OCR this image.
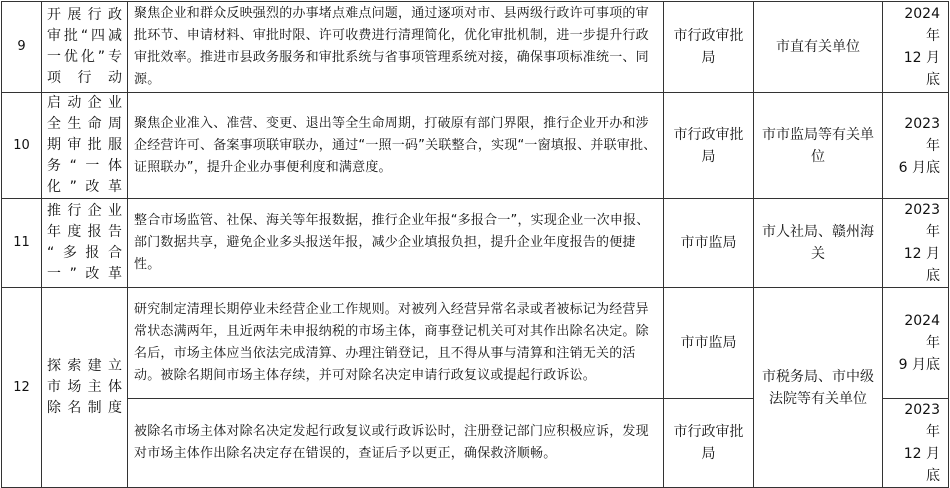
9	开展行政
审批“四减
一优化”专
项行动	聚焦企业和群众反映强烈的办事堵点难点问题，通过逐项对市、县两级行政许可事项的审批环节、申请材料、审批时限、许可收费进行清理简化，优化审批机制，进一步提升行政审批效率。推进市县政务服务和审批系统与省事项管理系统对接，确保事项标准统一、同源。	市行政审批
局	市直有关单位	2024 年
12 月底

10	启动企业
全生命周
期审批服
务“一体
化”改革	聚焦企业准入、准营、变更、退出等全生命周期，打破原有部门界限，推行企业开办和涉企经营许可、备案事项联审联办，通过“一照一码”关联整合，实现“一窗填报、并联审批、证照联办”，提升企业办事便利度和满意度。	市行政审批
局	市市监局等有关单
位	2023 年
6 月底

11	推行企业
年度报告
“多报合
一”改革	整合市场监管、社保、海关等年报数据，推行企业年报“多报合一”，实现企业一次申报、部门数据共享，避免企业多头报送年报，减少企业填报负担，提升企业年度报告的便捷性。	市市监局	市人社局、赣州海
关	2023 年
12 月底

12	探索建立
市场主体
除名制度	研究制定清理长期停业未经营企业工作规则。对被列入经营异常名录或者被标记为经营异常状态满两年，且近两年未申报纳税的市场主体，商事登记机关可对其作出除名决定。除名后，市场主体应当依法完成清算、办理注销登记，且不得从事与清算和注销无关的活动。被除名期间市场主体存续，并可对除名决定申请行政复议或提起行政诉讼。	市市监局	市税务局、市中级
法院等有关单位	2024 年
9 月底

		被除名市场主体对除名决定发起行政复议或行政诉讼时，注册登记部门应积极应诉，发现对市场主体作出除名决定存在错误的，查证后予以更正，确保救济顺畅。	市行政审批
局		2023 年
12 月底
